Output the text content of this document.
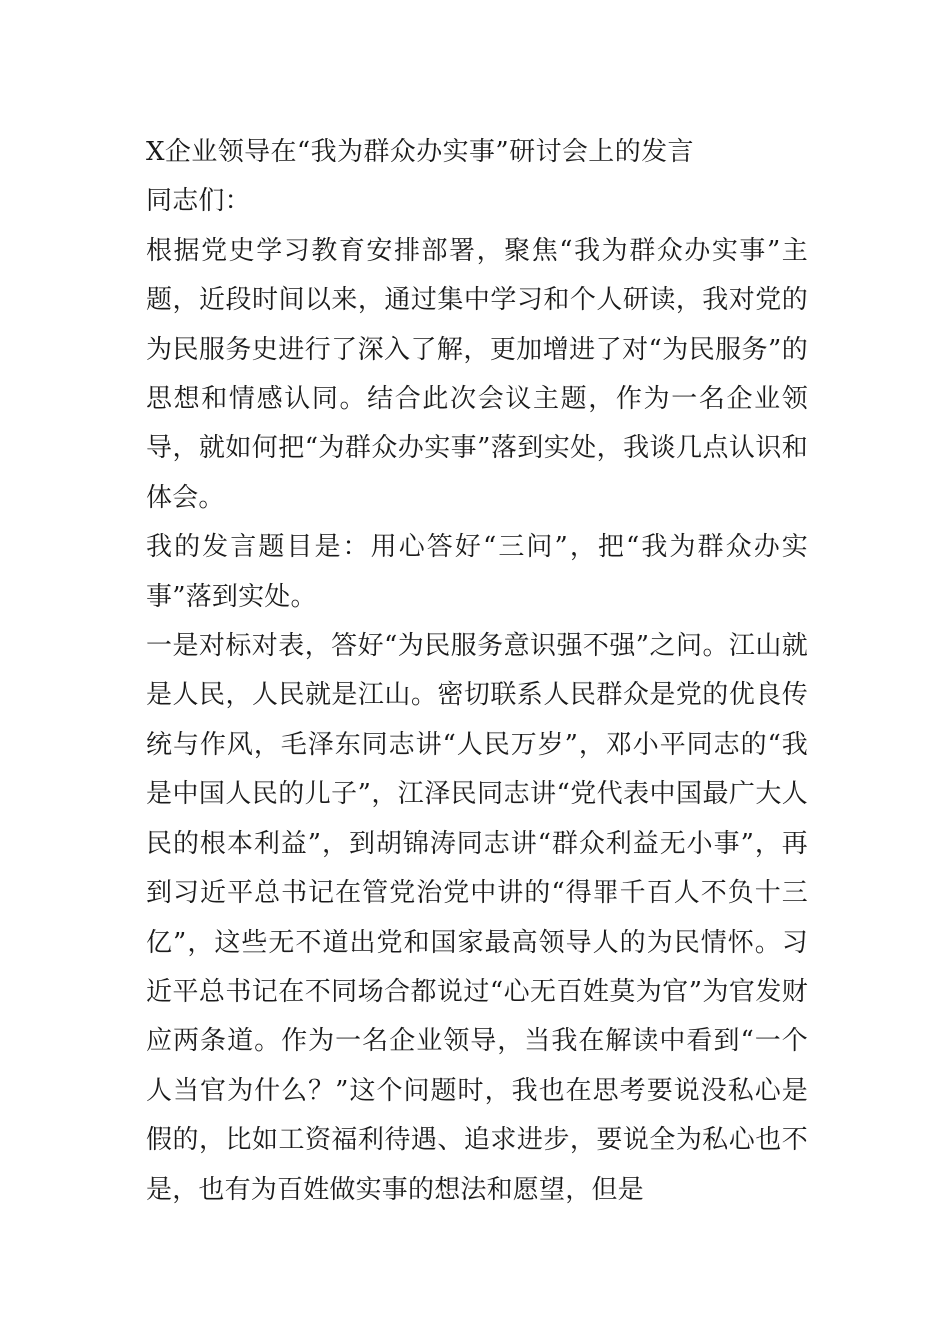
X企业领导在“我为群众办实事”研讨会上的发言

同志们：

根据党史学习教育安排部署，聚焦“我为群众办实事”主题，近段时间以来，通过集中学习和个人研读，我对党的为民服务史进行了深入了解，更加增进了对“为民服务”的思想和情感认同。结合此次会议主题，作为一名企业领导，就如何把“为群众办实事”落到实处，我谈几点认识和体会。

我的发言题目是：用心答好“三问”，把“我为群众办实事”落到实处。

一是对标对表，答好“为民服务意识强不强”之问。江山就是人民，人民就是江山。密切联系人民群众是党的优良传统与作风，毛泽东同志讲“人民万岁”，邓小平同志的“我是中国人民的儿子”，江泽民同志讲“党代表中国最广大人民的根本利益”，到胡锦涛同志讲“群众利益无小事”，再到习近平总书记在管党治党中讲的“得罪千百人不负十三亿”，这些无不道出党和国家最高领导人的为民情怀。习近平总书记在不同场合都说过“心无百姓莫为官”为官发财应两条道。作为一名企业领导，当我在解读中看到“一个人当官为什么？”这个问题时，我也在思考要说没私心是假的，比如工资福利待遇、追求进步，要说全为私心也不是，也有为百姓做实事的想法和愿望，但是
